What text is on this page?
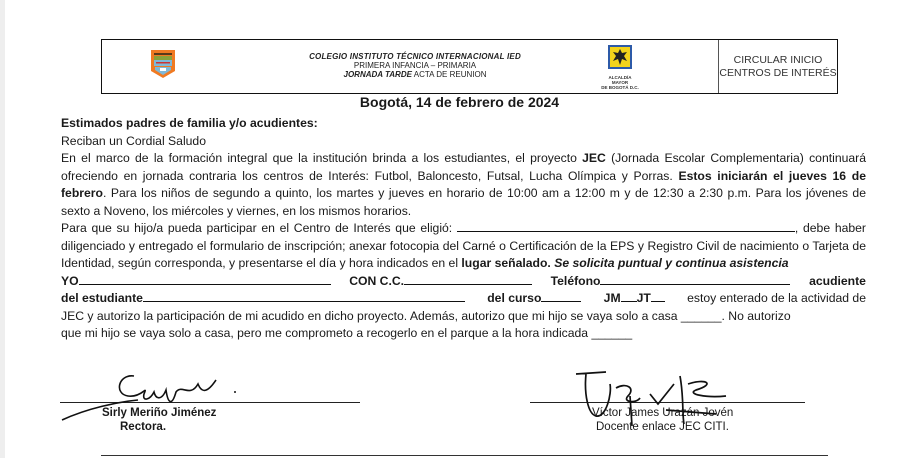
COLEGIO INSTITUTO TÉCNICO INTERNACIONAL IED
PRIMERA INFANCIA – PRIMARIA
JORNADA TARDE ACTA DE REUNION	ALCALDÍA MAYOR
DE BOGOTÁ D.C.
CIRCULAR INICIO CENTROS DE INTERÉS
Bogotá, 14 de febrero de 2024

Estimados padres de familia y/o acudientes:

Reciban un Cordial Saludo

En el marco de la formación integral que la institución brinda a los estudiantes, el proyecto JEC (Jornada Escolar Complementaria) continuará ofreciendo en jornada contraria los centros de Interés: Futbol, Baloncesto, Futsal, Lucha Olímpica y Porras. Estos iniciarán el jueves 16 de febrero. Para los niños de segundo a quinto, los martes y jueves en horario de 10:00 am a 12:00 m y de 12:30 a 2:30 p.m. Para los jóvenes de sexto a Noveno, los miércoles y viernes, en los mismos horarios.

Para que su hijo/a pueda participar en el Centro de Interés que eligió:	, debe haber diligenciado y entregado el formulario de inscripción; anexar fotocopia del Carné o Certificación de la EPS y Registro Civil de nacimiento o Tarjeta de Identidad, según corresponda, y presentarse el día y hora indicados en el lugar señalado. Se solicita puntual y continua asistencia

YO	CON C.C.	Teléfono	acudiente
del estudiante	del curso	JM JT	estoy enterado de la actividad de

JEC y autorizo la participación de mi acudido en dicho proyecto. Además, autorizo que mi hijo se vaya solo a casa ______. No autorizo

que mi hijo se vaya solo a casa, pero me comprometo a recogerlo en el parque a la hora indicada ______

Sirly Meriño Jiménez
Rectora.
Víctor James Urazán Jovén
Docente enlace JEC CITI.
